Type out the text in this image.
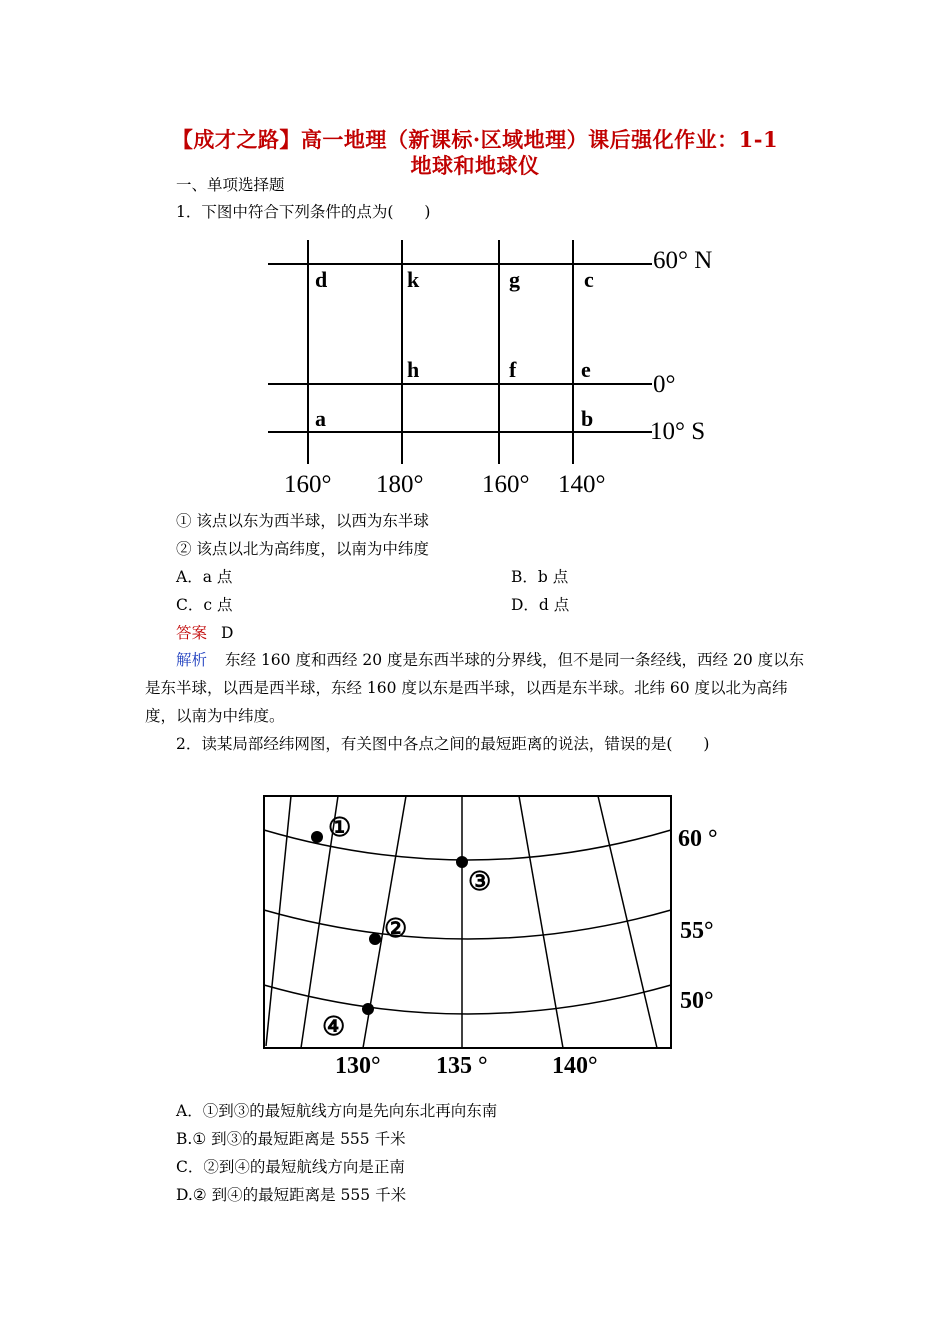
【成才之路】高一地理（新课标·区域地理）课后强化作业：1-1
地球和地球仪
一、单项选择题
1．下图中符合下列条件的点为(　　)
d	k	g	c
h	f	e
a	b
60° N
0°
10° S
160° 180° 160° 140°
① 该点以东为西半球，以西为东半球
② 该点以北为高纬度，以南为中纬度
A．a 点	B．b 点
C．c 点	D．d 点
答案 D
解析 东经 160 度和西经 20 度是东西半球的分界线，但不是同一条经线，西经 20 度以东是东半球，以西是西半球，东经 160 度以东是西半球，以西是东半球。北纬 60 度以北为高纬度，以南为中纬度。
2．读某局部经纬网图，有关图中各点之间的最短距离的说法，错误的是(　　)
①
③
②
④
60 °
55°
50°
130° 135 °	140°
A．①到③的最短航线方向是先向东北再向东南
B.① 到③的最短距离是 555 千米
C．②到④的最短航线方向是正南
D.② 到④的最短距离是 555 千米
